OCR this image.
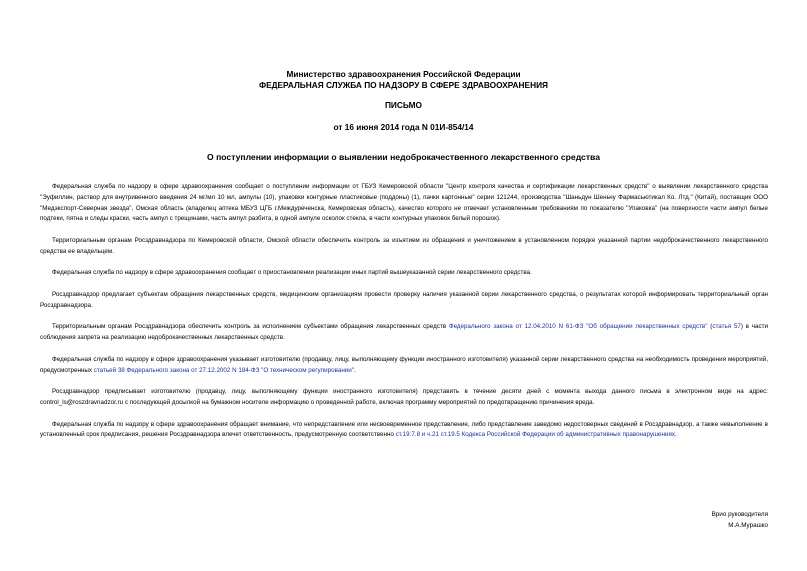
Министерство здравоохранения Российской Федерации
ФЕДЕРАЛЬНАЯ СЛУЖБА ПО НАДЗОРУ В СФЕРЕ ЗДРАВООХРАНЕНИЯ
ПИСЬМО
от 16 июня 2014 года N 01И-854/14
О поступлении информации о выявлении недоброкачественного лекарственного средства

Федеральная служба по надзору в сфере здравоохранения сообщает о поступлении информации от ГБУЗ Кемеровской области "Центр контроля качества и сертификации лекарственных средств" о выявлении лекарственного средства "Эуфиллин, раствор для внутривенного введения 24 мг/мл 10 мл, ампулы (10), упаковки контурные пластиковые (поддоны) (1), пачки картонные" серии 121244, производства "Шаньдун Шеньчу Фармасьютикал Ко. Лтд." (Китай), поставщик ООО "Медэкспорт-Северная звезда", Омская область (владелец аптека МБУЗ ЦГБ г.Междуреченска, Кемеровская область), качество которого не отвечает установленным требованиям по показателю "Упаковка" (на поверхности части ампул белые подтеки, пятна и следы краски, часть ампул с трещинами, часть ампул разбита, в одной ампуле осколок стекла, в части контурных упаковок белый порошок).

Территориальным органам Росздравнадзора по Кемеровской области, Омской области обеспечить контроль за изъятием из обращения и уничтожением в установленном порядке указанной партии недоброкачественного лекарственного средства ее владельцем.

Федеральная служба по надзору в сфере здравоохранения сообщает о приостановлении реализации иных партий вышеуказанной серии лекарственного средства.

Росздравнадзор предлагает субъектам обращения лекарственных средств, медицинским организациям провести проверку наличия указанной серии лекарственного средства, о результатах которой информировать территориальный орган Росздравнадзора.

Территориальным органам Росздравнадзора обеспечить контроль за исполнением субъектами обращения лекарственных средств Федерального закона от 12.04.2010 N 61-ФЗ "Об обращении лекарственных средств" (статья 57) в части соблюдения запрета на реализацию недоброкачественных лекарственных средств.

Федеральная служба по надзору в сфере здравоохранения указывает изготовителю (продавцу, лицу, выполняющему функции иностранного изготовителя) указанной серии лекарственного средства на необходимость проведения мероприятий, предусмотренных статьей 38 Федерального закона от 27.12.2002 N 184-ФЗ "О техническом регулировании".

Росздравнадзор предписывает изготовителю (продавцу, лицу, выполняющему функции иностранного изготовителя) представить в течение десяти дней с момента выхода данного письма в электронном виде на адрес: control_ls@roszdravnadzor.ru с последующей досылкой на бумажном носителе информацию о проведенной работе, включая программу мероприятий по предотвращению причинения вреда.

Федеральная служба по надзору в сфере здравоохранения обращает внимание, что непредставление или несвоевременное представление, либо представление заведомо недостоверных сведений в Росздравнадзор, а также невыполнение в установленный срок предписания, решения Росздравнадзора влечет ответственность, предусмотренную соответственно ст.19.7.8 и ч.21 ст.19.5 Кодекса Российской Федерации об административных правонарушениях.

Врио руководителя
М.А.Мурашко
